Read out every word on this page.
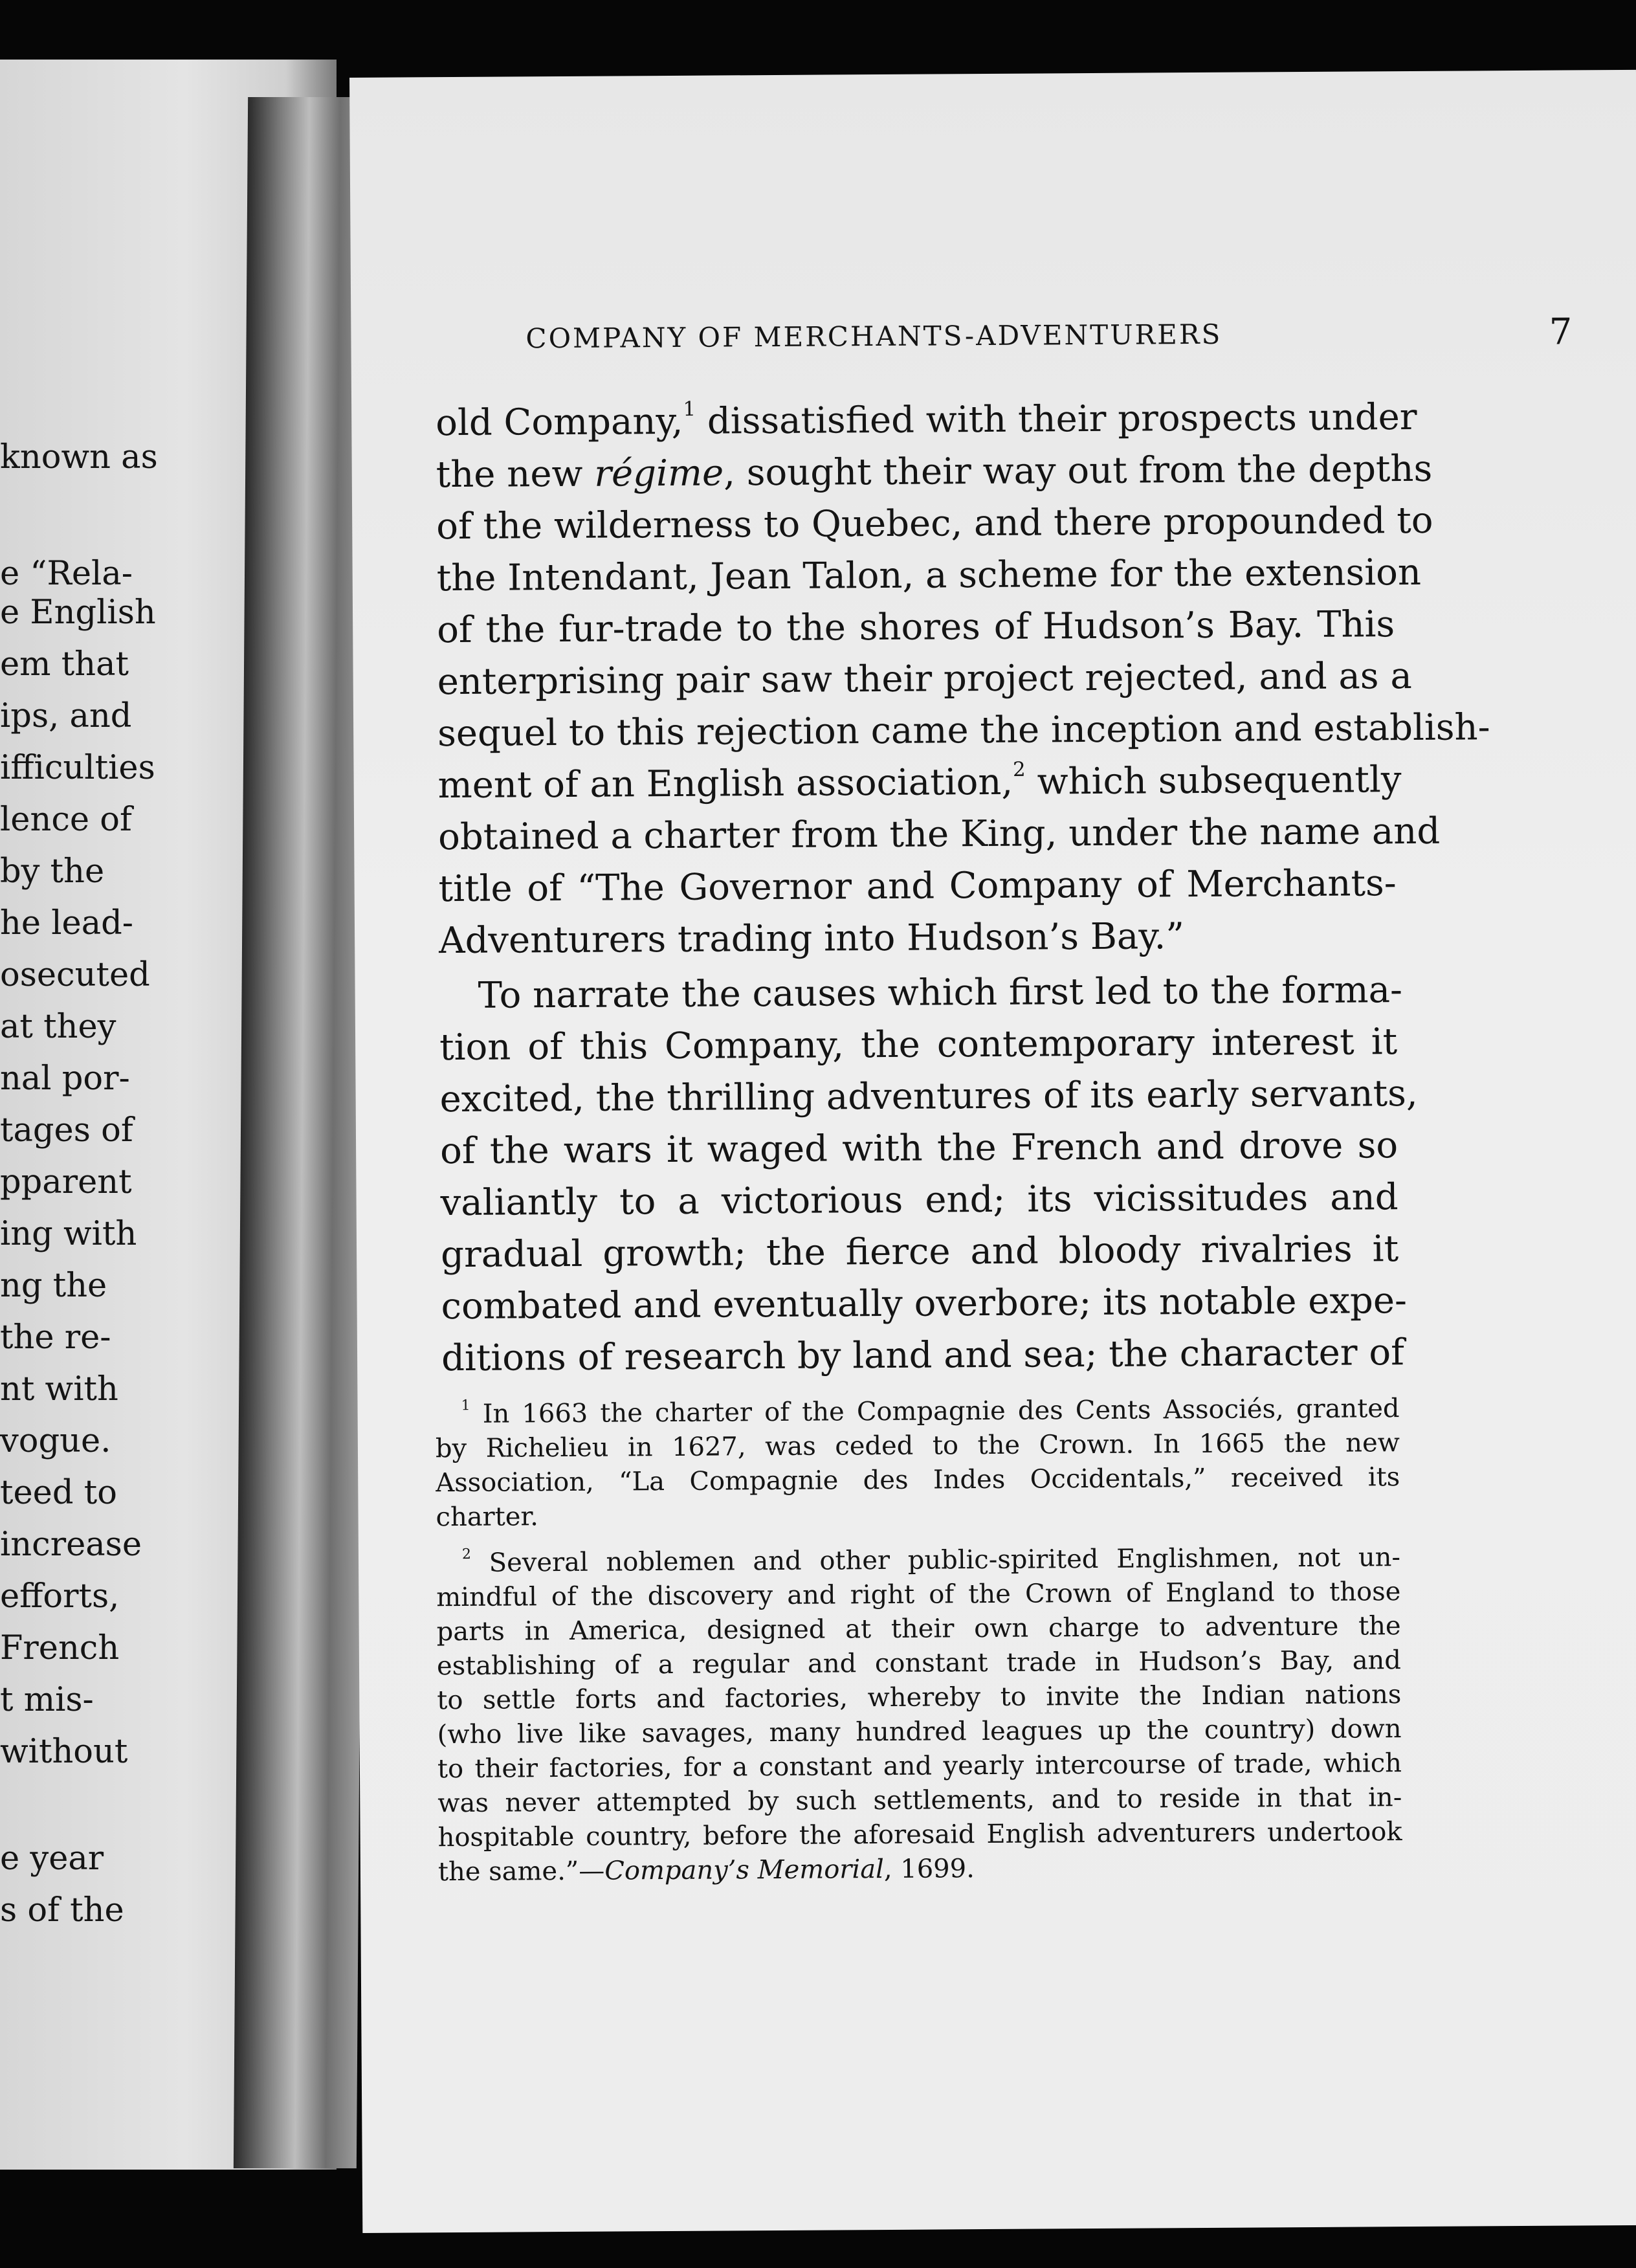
known as
e “Rela-
e English
em that
ips, and
ifficulties
lence of
by the
he lead-
osecuted
at they
nal por-
tages of
pparent
ing with
ng the
the re-
nt with
vogue.
teed to
increase
efforts,
French
t mis-
without
e year
s of the
COMPANY OF MERCHANTS-ADVENTURERS	7
old Company,$^1$ dissatisfied with their prospects under
the new régime, sought their way out from the depths
of the wilderness to Quebec, and there propounded to
the Intendant, Jean Talon, a scheme for the extension
of the fur-trade to the shores of Hudson’s Bay. This
enterprising pair saw their project rejected, and as a
sequel to this rejection came the inception and establish-
ment of an English association,$^2$ which subsequently
obtained a charter from the King, under the name and
title of “The Governor and Company of Merchants-
Adventurers trading into Hudson’s Bay.”
To narrate the causes which first led to the forma-
tion of this Company, the contemporary interest it
excited, the thrilling adventures of its early servants,
of the wars it waged with the French and drove so
valiantly to a victorious end; its vicissitudes and
gradual growth; the fierce and bloody rivalries it
combated and eventually overbore; its notable expe-
ditions of research by land and sea; the character of
$^1$ In 1663 the charter of the Compagnie des Cents Associés, granted
by Richelieu in 1627, was ceded to the Crown. In 1665 the new
Association, “La Compagnie des Indes Occidentals,” received its
charter.
$^2$ Several noblemen and other public-spirited Englishmen, not un-
mindful of the discovery and right of the Crown of England to those
parts in America, designed at their own charge to adventure the
establishing of a regular and constant trade in Hudson’s Bay, and
to settle forts and factories, whereby to invite the Indian nations
(who live like savages, many hundred leagues up the country) down
to their factories, for a constant and yearly intercourse of trade, which
was never attempted by such settlements, and to reside in that in-
hospitable country, before the aforesaid English adventurers undertook
the same.”—Company’s Memorial, 1699.
